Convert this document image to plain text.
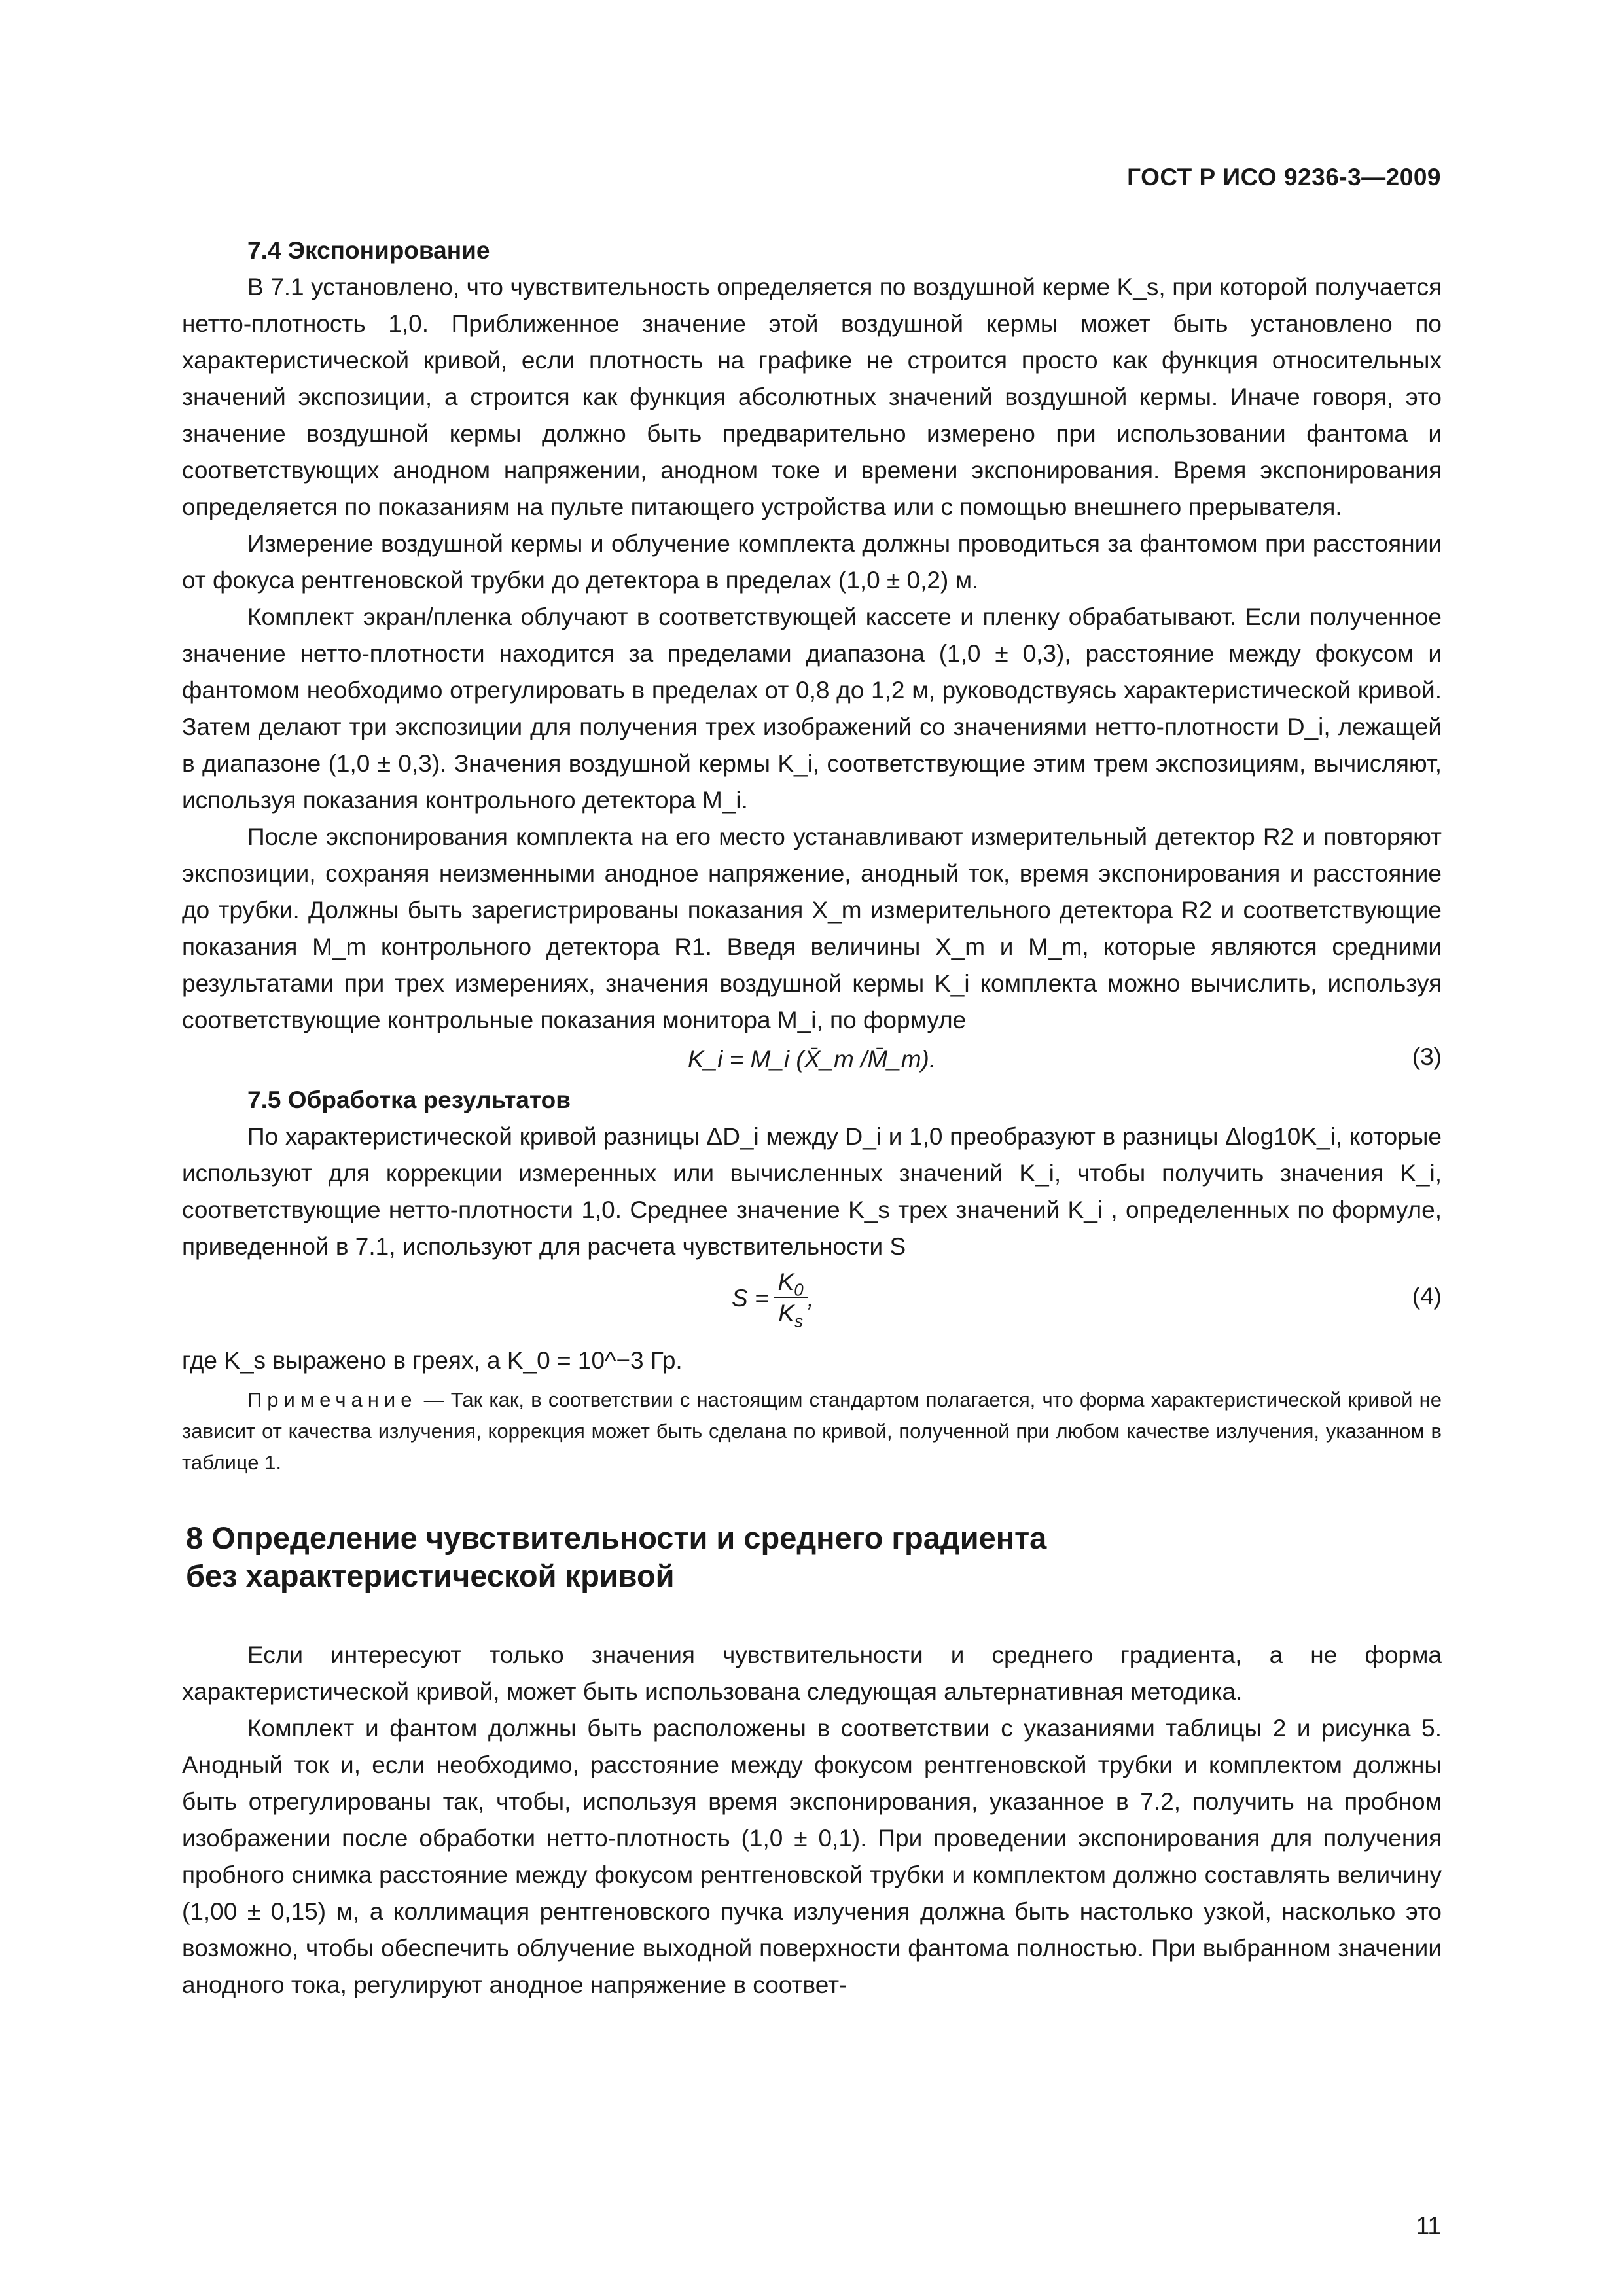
ГОСТ Р ИСО 9236-3—2009
7.4 Экспонирование

В 7.1 установлено, что чувствительность определяется по воздушной керме K_s, при которой получается нетто-плотность 1,0. Приближенное значение этой воздушной кермы может быть установлено по характеристической кривой, если плотность на графике не строится просто как функция относительных значений экспозиции, а строится как функция абсолютных значений воздушной кермы. Иначе говоря, это значение воздушной кермы должно быть предварительно измерено при использовании фантома и соответствующих анодном напряжении, анодном токе и времени экспонирования. Время экспонирования определяется по показаниям на пульте питающего устройства или с помощью внешнего прерывателя.

Измерение воздушной кермы и облучение комплекта должны проводиться за фантомом при расстоянии от фокуса рентгеновской трубки до детектора в пределах (1,0 ± 0,2) м.

Комплект экран/пленка облучают в соответствующей кассете и пленку обрабатывают. Если полученное значение нетто-плотности находится за пределами диапазона (1,0 ± 0,3), расстояние между фокусом и фантомом необходимо отрегулировать в пределах от 0,8 до 1,2 м, руководствуясь характеристической кривой. Затем делают три экспозиции для получения трех изображений со значениями нетто-плотности D_i, лежащей в диапазоне (1,0 ± 0,3). Значения воздушной кермы K_i, соответствующие этим трем экспозициям, вычисляют, используя показания контрольного детектора M_i.

После экспонирования комплекта на его место устанавливают измерительный детектор R2 и повторяют экспозиции, сохраняя неизменными анодное напряжение, анодный ток, время экспонирования и расстояние до трубки. Должны быть зарегистрированы показания X_m измерительного детектора R2 и соответствующие показания M_m контрольного детектора R1. Введя величины X_m и M_m, которые являются средними результатами при трех измерениях, значения воздушной кермы K_i комплекта можно вычислить, используя соответствующие контрольные показания монитора M_i, по формуле

K_i = M_i (X̄_m /M̄_m).	(3)
7.5 Обработка результатов

По характеристической кривой разницы ΔD_i между D_i и 1,0 преобразуют в разницы Δlog10K_i, которые используют для коррекции измеренных или вычисленных значений K_i, чтобы получить значения K_i, соответствующие нетто-плотности 1,0. Среднее значение K_s трех значений K_i , определенных по формуле, приведенной в 7.1, используют для расчета чувствительности S

$S = \frac{K_0}{K_s}$ ,	(4)

где K_s выражено в греях, а K_0 = 10^−3 Гр.

Примечание — Так как, в соответствии с настоящим стандартом полагается, что форма характеристической кривой не зависит от качества излучения, коррекция может быть сделана по кривой, полученной при любом качестве излучения, указанном в таблице 1.
8 Определение чувствительности и среднего градиента
без характеристической кривой

Если интересуют только значения чувствительности и среднего градиента, а не форма характеристической кривой, может быть использована следующая альтернативная методика.

Комплект и фантом должны быть расположены в соответствии с указаниями таблицы 2 и рисунка 5. Анодный ток и, если необходимо, расстояние между фокусом рентгеновской трубки и комплектом должны быть отрегулированы так, чтобы, используя время экспонирования, указанное в 7.2, получить на пробном изображении после обработки нетто-плотность (1,0 ± 0,1). При проведении экспонирования для получения пробного снимка расстояние между фокусом рентгеновской трубки и комплектом должно составлять величину (1,00 ± 0,15) м, а коллимация рентгеновского пучка излучения должна быть настолько узкой, насколько это возможно, чтобы обеспечить облучение выходной поверхности фантома полностью. При выбранном значении анодного тока, регулируют анодное напряжение в соответ-

11
